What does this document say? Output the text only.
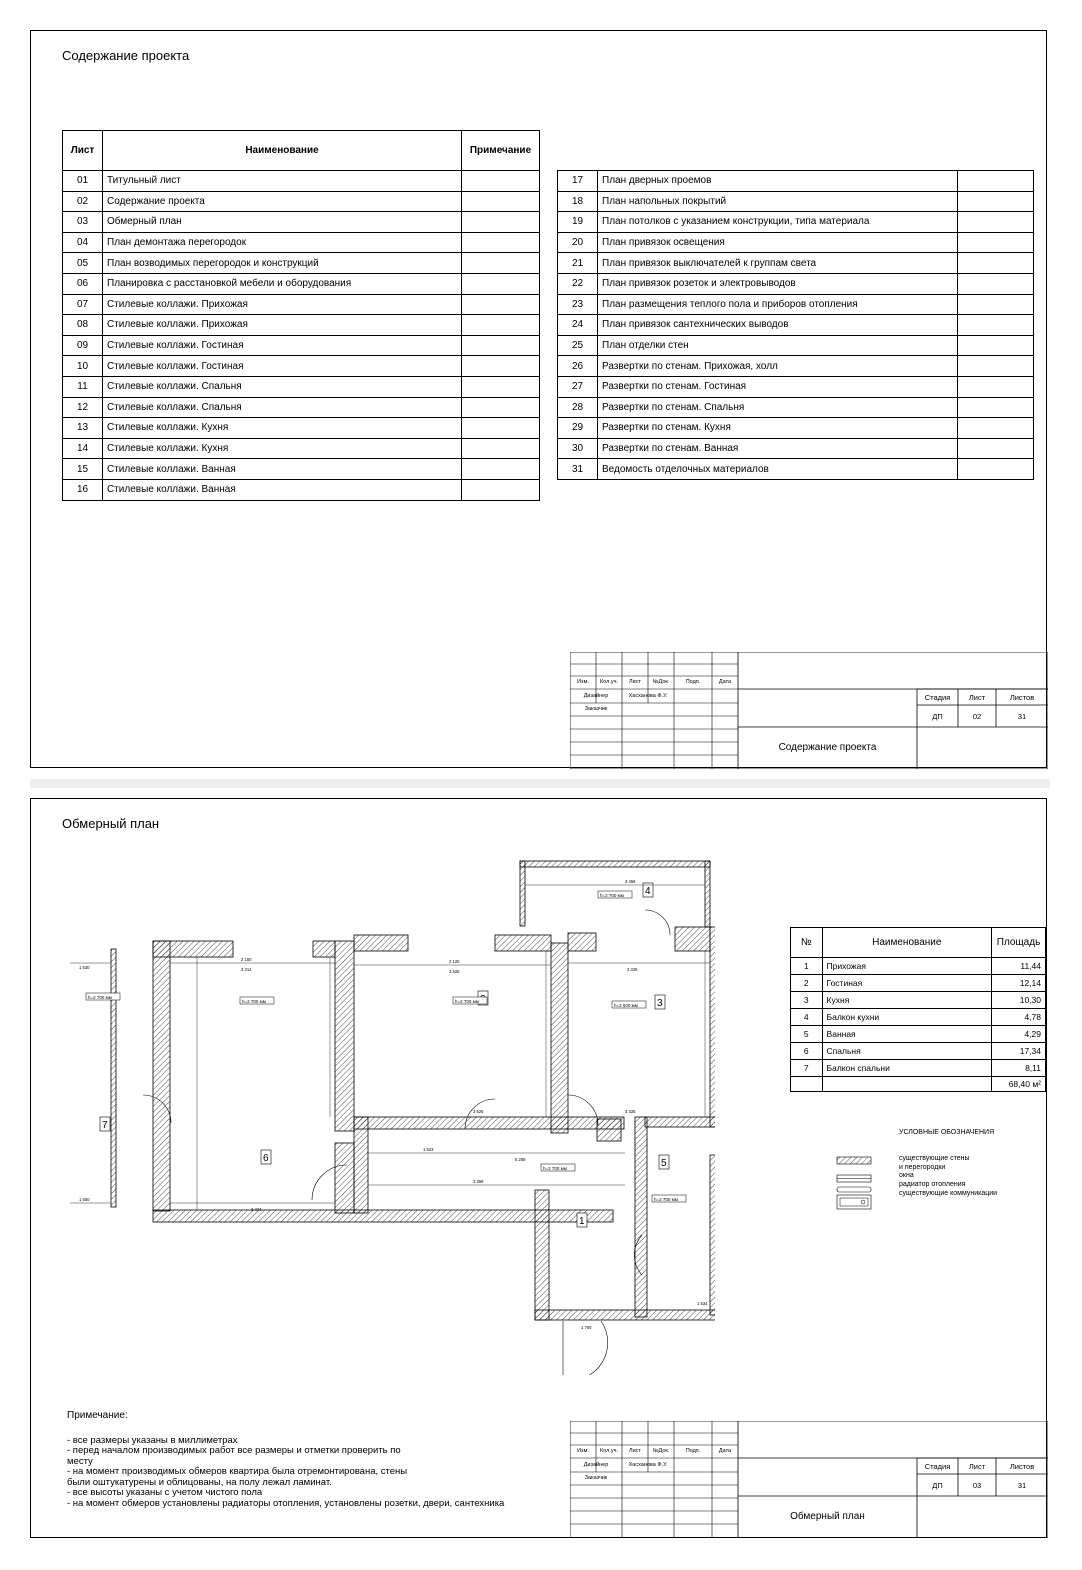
Содержание проекта
Лист	Наименование	Примечание
01	Титульный лист	
02	Содержание проекта	
03	Обмерный план	
04	План демонтажа перегородок	
05	План возводимых перегородок и конструкций	
06	Планировка с расстановкой мебели и оборудования	
07	Стилевые коллажи. Прихожая	
08	Стилевые коллажи. Прихожая	
09	Стилевые коллажи. Гостиная	
10	Стилевые коллажи. Гостиная	
11	Стилевые коллажи. Спальня	
12	Стилевые коллажи. Спальня	
13	Стилевые коллажи. Кухня	
14	Стилевые коллажи. Кухня	
15	Стилевые коллажи. Ванная	
16	Стилевые коллажи. Ванная	
17	План дверных проемов	
18	План напольных покрытий	
19	План потолков с указанием конструкции, типа материала	
20	План привязок освещения	
21	План привязок выключателей к группам света	
22	План привязок розеток и электровыводов	
23	План размещения теплого пола и приборов отопления	
24	План привязок сантехнических выводов	
25	План отделки стен	
26	Развертки по стенам. Прихожая, холл	
27	Развертки по стенам. Гостиная	
28	Развертки по стенам. Спальня	
29	Развертки по стенам. Кухня	
30	Развертки по стенам. Ванная	
31	Ведомость отделочных материалов	
Изм.	Кол.уч.	Лист	№Док.	Подп.	Дата
Дизайнер	Хасханова Ф.У.
Заказчик
Стадия	Лист	Листов
ДП	02	31
Содержание проекта
Обмерный план
1
3
4
5
6
7
h=2 700 мм	h=2 700 мм
h=2 600 мм
h=2 700 мм
h=2 700 мм
h=2 700 мм
h=2 700 мм
3 456
2 150
3 314
2 120
3 526	3 325
1 630
1 550
3 474
3 356
1 623
5 258
3 526	3 325
1 700
1 534
№	Наименование	Площадь
1	Прихожая	11,44
2	Гостиная	12,14
3	Кухня	10,30
4	Балкон кухни	4,78
5	Ванная	4,29
6	Спальня	17,34
7	Балкон спальни	8,11
		68,40 м²
УСЛОВНЫЕ ОБОЗНАЧЕНИЯ
существующие стены
и перегородки
окна
радиатор отопления
существующие коммуникации
Примечание:
- все размеры указаны в миллиметрах
- перед началом производимых работ все размеры и отметки проверить по
месту
- на момент производимых обмеров квартира была отремонтирована, стены
были оштукатурены и облицованы, на полу лежал ламинат.
- все высоты указаны с учетом чистого пола
- на момент обмеров установлены радиаторы отопления, установлены розетки, двери, сантехника
Изм.	Кол.уч.	Лист	№Док.	Подп.	Дата
Дизайнер	Хасханова Ф.У.
Заказчик
Стадия	Лист	Листов
ДП	03	31
Обмерный план
